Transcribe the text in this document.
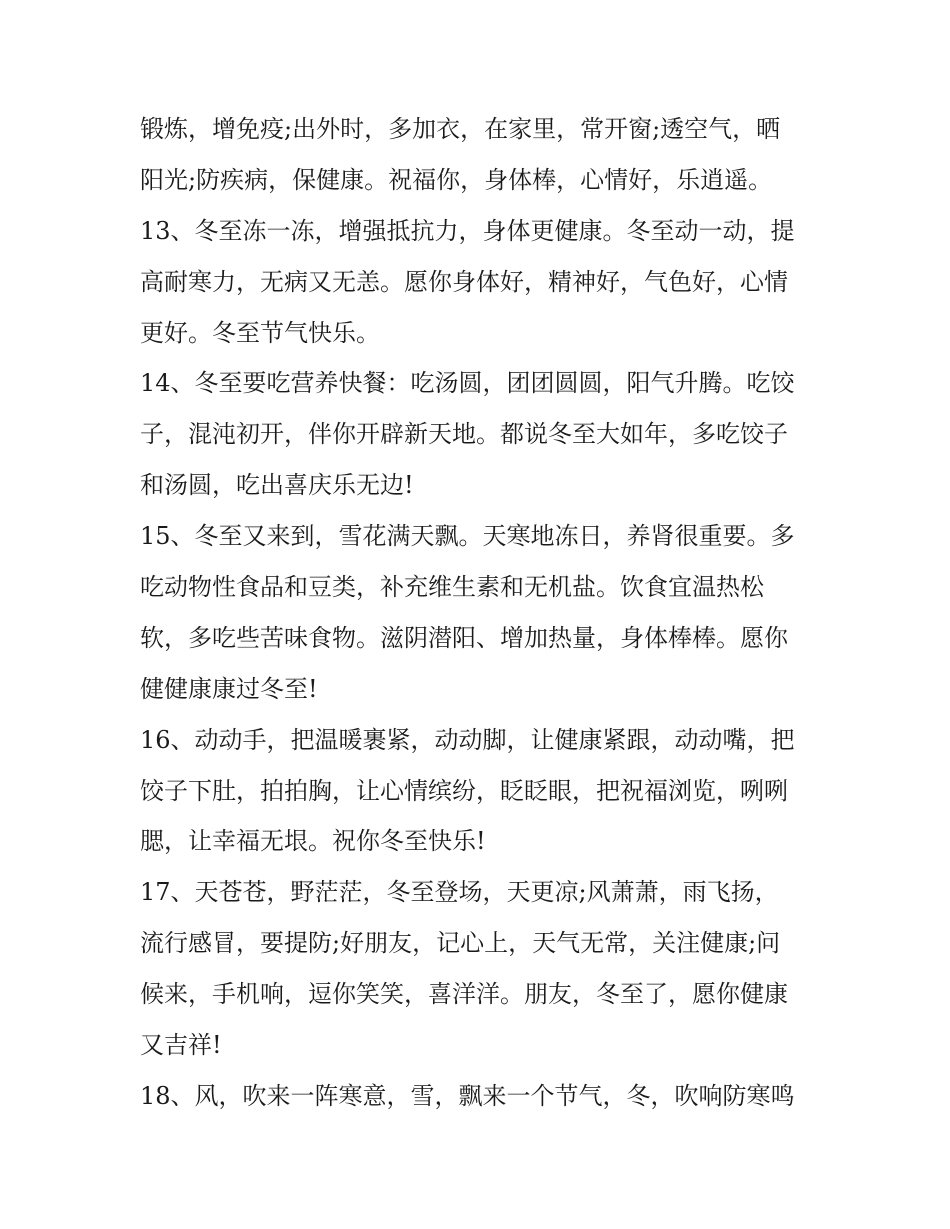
锻炼，增免疫;出外时，多加衣，在家里，常开窗;透空气，晒
阳光;防疾病，保健康。祝福你，身体棒，心情好，乐逍遥。
13、冬至冻一冻，增强抵抗力，身体更健康。冬至动一动，提
高耐寒力，无病又无恙。愿你身体好，精神好，气色好，心情
更好。冬至节气快乐。
14、冬至要吃营养快餐：吃汤圆，团团圆圆，阳气升腾。吃饺
子，混沌初开，伴你开辟新天地。都说冬至大如年，多吃饺子
和汤圆，吃出喜庆乐无边!
15、冬至又来到，雪花满天飘。天寒地冻日，养肾很重要。多
吃动物性食品和豆类，补充维生素和无机盐。饮食宜温热松
软，多吃些苦味食物。滋阴潜阳、增加热量，身体棒棒。愿你
健健康康过冬至!
16、动动手，把温暖裹紧，动动脚，让健康紧跟，动动嘴，把
饺子下肚，拍拍胸，让心情缤纷，眨眨眼，把祝福浏览，咧咧
腮，让幸福无垠。祝你冬至快乐!
17、天苍苍，野茫茫，冬至登场，天更凉;风萧萧，雨飞扬，
流行感冒，要提防;好朋友，记心上，天气无常，关注健康;问
候来，手机响，逗你笑笑，喜洋洋。朋友，冬至了，愿你健康
又吉祥!
18、风，吹来一阵寒意，雪，飘来一个节气，冬，吹响防寒鸣
